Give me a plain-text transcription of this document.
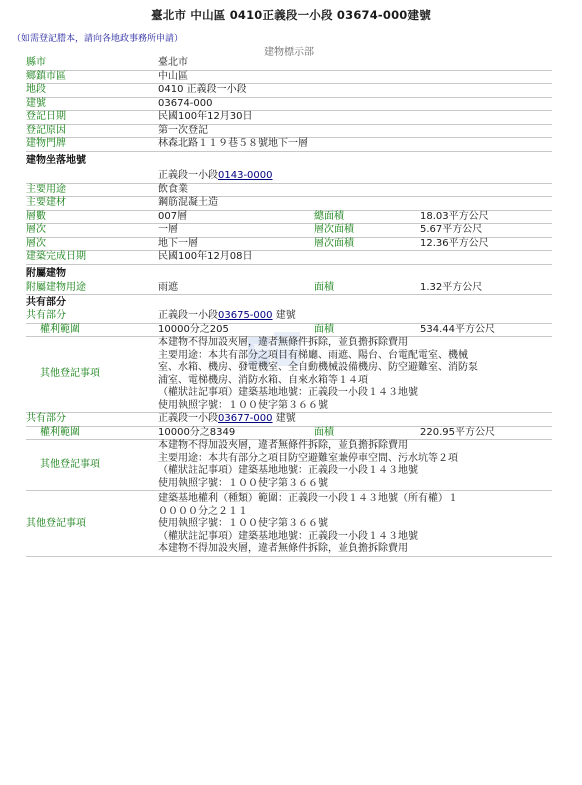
臺北市 中山區 0410正義段一小段 03674-000建號
（如需登記謄本，請向各地政事務所申請）
建物標示部
縣市	臺北市
鄉鎮市區	中山區
地段	0410 正義段一小段
建號	03674-000
登記日期	民國100年12月30日
登記原因	第一次登記
建物門牌	林森北路１１９巷５８號地下一層
建物坐落地號
正義段一小段0143-0000
主要用途	飲食業
主要建材	鋼筋混凝土造
層數	007層	總面積	18.03平方公尺
層次	一層	層次面積	5.67平方公尺
層次	地下一層	層次面積	12.36平方公尺
建築完成日期	民國100年12月08日
附屬建物
附屬建物用途	雨遮	面積	1.32平方公尺
共有部分
共有部分	正義段一小段03675-000 建號
權利範圍	10000分之205	面積	534.44平方公尺
其他登記事項
本建物不得加設夾層，違者無條件拆除，並負擔拆除費用
主要用途：本共有部分之項目有梯廳、雨遮、陽台、台電配電室、機械
室、水箱、機房、發電機室、全自動機械設備機房、防空避難室、消防泵
浦室、電梯機房、消防水箱、自來水箱等１４項
（權狀註記事項）建築基地地號：正義段一小段１４３地號
使用執照字號：１００使字第３６６號
共有部分	正義段一小段03677-000 建號
權利範圍	10000分之8349	面積	220.95平方公尺
其他登記事項
本建物不得加設夾層，違者無條件拆除，並負擔拆除費用
主要用途：本共有部分之項目防空避難室兼停車空間、污水坑等２項
（權狀註記事項）建築基地地號：正義段一小段１４３地號
使用執照字號：１００使字第３６６號
其他登記事項
建築基地權利（種類）範圍：正義段一小段１４３地號（所有權）１
００００分之２１１
使用執照字號：１００使字第３６６號
（權狀註記事項）建築基地地號：正義段一小段１４３地號
本建物不得加設夾層，違者無條件拆除，並負擔拆除費用
